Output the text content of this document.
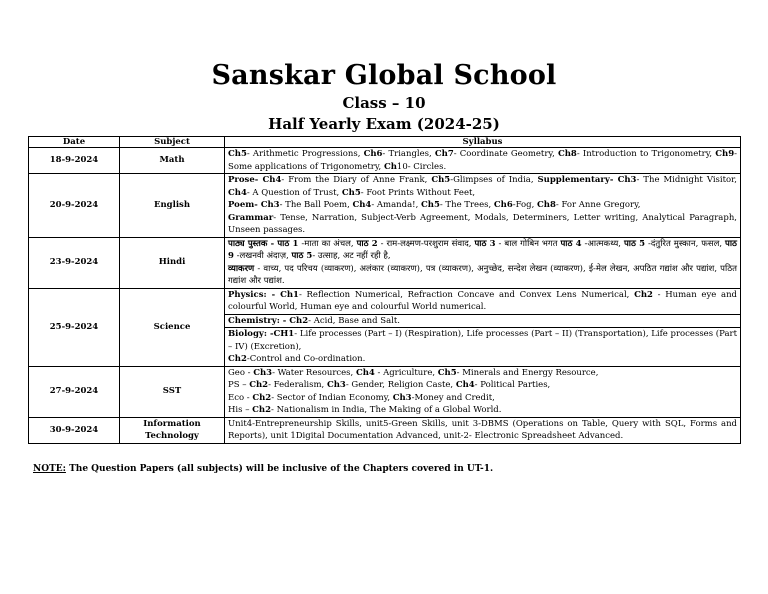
Sanskar Global School
Class – 10
Half Yearly Exam (2024-25)
Date	Subject	Syllabus
18-9-2024	Math	Ch5- Arithmetic Progressions, Ch6- Triangles, Ch7- Coordinate Geometry, Ch8- Introduction to Trigonometry, Ch9- Some applications of Trigonometry, Ch10- Circles.
20-9-2024	English	Prose- Ch4- From the Diary of Anne Frank, Ch5-Glimpses of India, Supplementary- Ch3- The Midnight Visitor, Ch4- A Question of Trust, Ch5- Foot Prints Without Feet,
Poem- Ch3- The Ball Poem, Ch4- Amanda!, Ch5- The Trees, Ch6-Fog, Ch8- For Anne Gregory,
Grammar- Tense, Narration, Subject-Verb Agreement, Modals, Determiners, Letter writing, Analytical Paragraph, Unseen passages.
23-9-2024	Hindi	पाठ्य पुस्तक - पाठ 1 -माता का अंचल, पाठ 2 - राम-लक्ष्मण-परशुराम संवाद, पाठ 3 - बाल गोबिन भगत पाठ 4 -आत्मकथ्य, पाठ 5 -दंतुरित मुस्कान, फसल, पाठ 9 -लखनवी अंदाज़, पाठ 5- उत्साह, अट नहीं रही है,
व्याकरण - वाच्य, पद परिचय (व्याकरण), अलंकार (व्याकरण), पत्र (व्याकरण), अनुच्छेद, सन्देश लेखन (व्याकरण), ई-मेल लेखन, अपठित गद्यांश और पद्यांश, पठित गद्यांश और पद्यांश.
25-9-2024	Science	Physics: - Ch1- Reflection Numerical, Refraction Concave and Convex Lens Numerical, Ch2 - Human eye and colourful World, Human eye and colourful World numerical.
		Chemistry: - Ch2- Acid, Base and Salt.
		Biology: -CH1- Life processes (Part – I) (Respiration), Life processes (Part – II) (Transportation), Life processes (Part – IV) (Excretion),
Ch2-Control and Co-ordination.
27-9-2024	SST	Geo - Ch3- Water Resources, Ch4 - Agriculture, Ch5- Minerals and Energy Resource,
PS – Ch2- Federalism, Ch3- Gender, Religion Caste, Ch4- Political Parties,
Eco - Ch2- Sector of Indian Economy, Ch3-Money and Credit,
His – Ch2- Nationalism in India, The Making of a Global World.
30-9-2024	Information Technology	Unit4-Entrepreneurship Skills, unit5-Green Skills, unit 3-DBMS (Operations on Table, Query with SQL, Forms and Reports), unit 1Digital Documentation Advanced, unit-2- Electronic Spreadsheet Advanced.
NOTE: The Question Papers (all subjects) will be inclusive of the Chapters covered in UT-1.
